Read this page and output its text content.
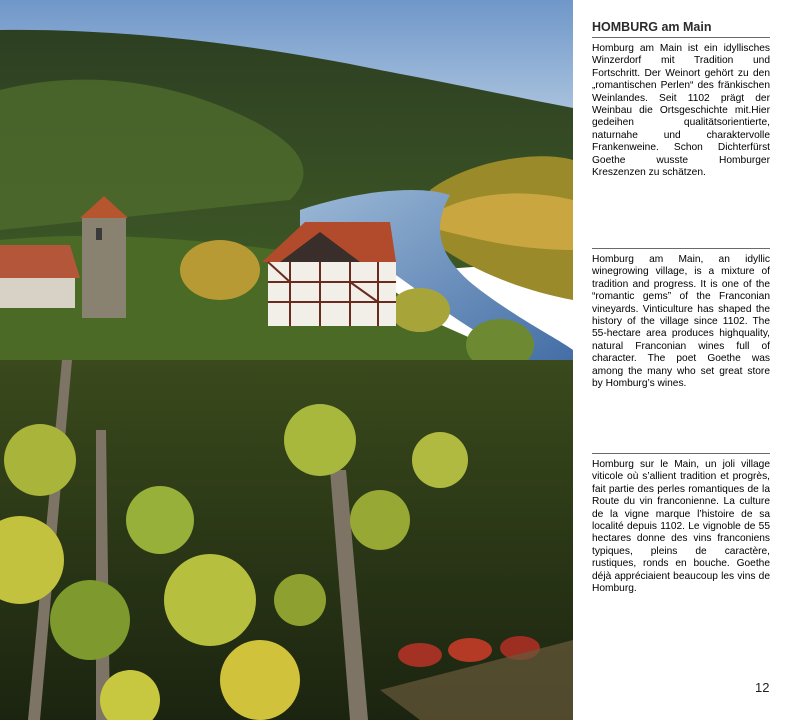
HOMBURG am Main

Homburg am Main ist ein idyllisches Winzerdorf mit Tradition und Fortschritt. Der Weinort gehört zu den „romantischen Perlen“ des fränkischen Weinlandes. Seit 1102 prägt der Weinbau die Ortsgeschichte mit.Hier gedeihen qualitätsorientierte, naturnahe und charaktervolle Frankenweine. Schon Dichterfürst Goethe wusste Homburger Kreszenzen zu schätzen.

Homburg am Main, an idyllic winegrowing village, is a mixture of tradition and progress. It is one of the “romantic gems” of the Franconian vineyards. Vinticulture has shaped the history of the village since 1102. The 55-hectare area produces highquality, natural Franconian wines full of character. The poet Goethe was among the many who set great store by Homburg’s wines.

Homburg sur le Main, un joli village viticole où s’allient tradition et progrès, fait partie des perles romantiques de la Route du vin franconienne. La culture de la vigne marque l’histoire de sa localité depuis 1102. Le vignoble de 55 hectares donne des vins franconiens typiques, pleins de caractère, rustiques, ronds en bouche. Goethe déjà appréciaient beaucoup les vins de Homburg.

12
